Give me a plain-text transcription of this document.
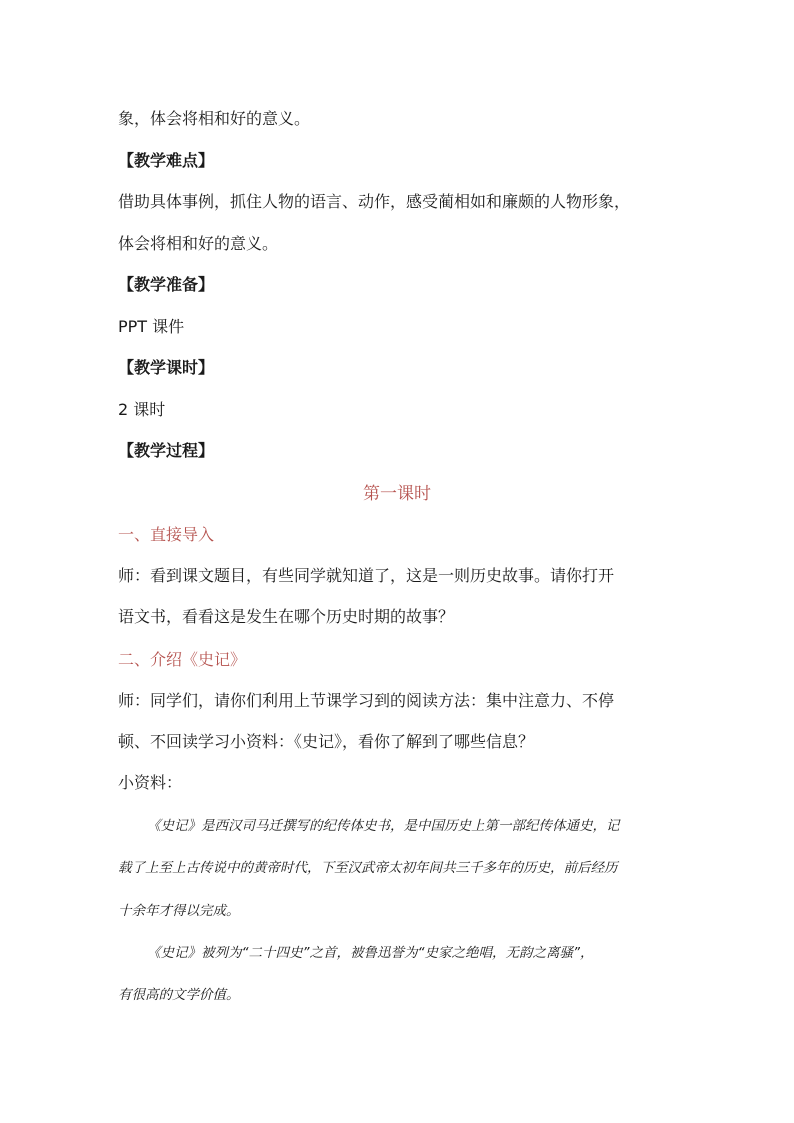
象，体会将相和好的意义。
【教学难点】
借助具体事例，抓住人物的语言、动作，感受蔺相如和廉颇的人物形象，
体会将相和好的意义。
【教学准备】
PPT 课件
【教学课时】
2 课时
【教学过程】
第一课时
一、直接导入
师：看到课文题目，有些同学就知道了，这是一则历史故事。请你打开
语文书，看看这是发生在哪个历史时期的故事？
二、介绍《史记》
师：同学们，请你们利用上节课学习到的阅读方法：集中注意力、不停
顿、不回读学习小资料：《史记》，看你了解到了哪些信息？
小资料：
《史记》是西汉司马迁撰写的纪传体史书，是中国历史上第一部纪传体通史，记
载了上至上古传说中的黄帝时代，下至汉武帝太初年间共三千多年的历史，前后经历
十余年才得以完成。
《史记》被列为“二十四史”之首，被鲁迅誉为“史家之绝唱，无韵之离骚”，
有很高的文学价值。
